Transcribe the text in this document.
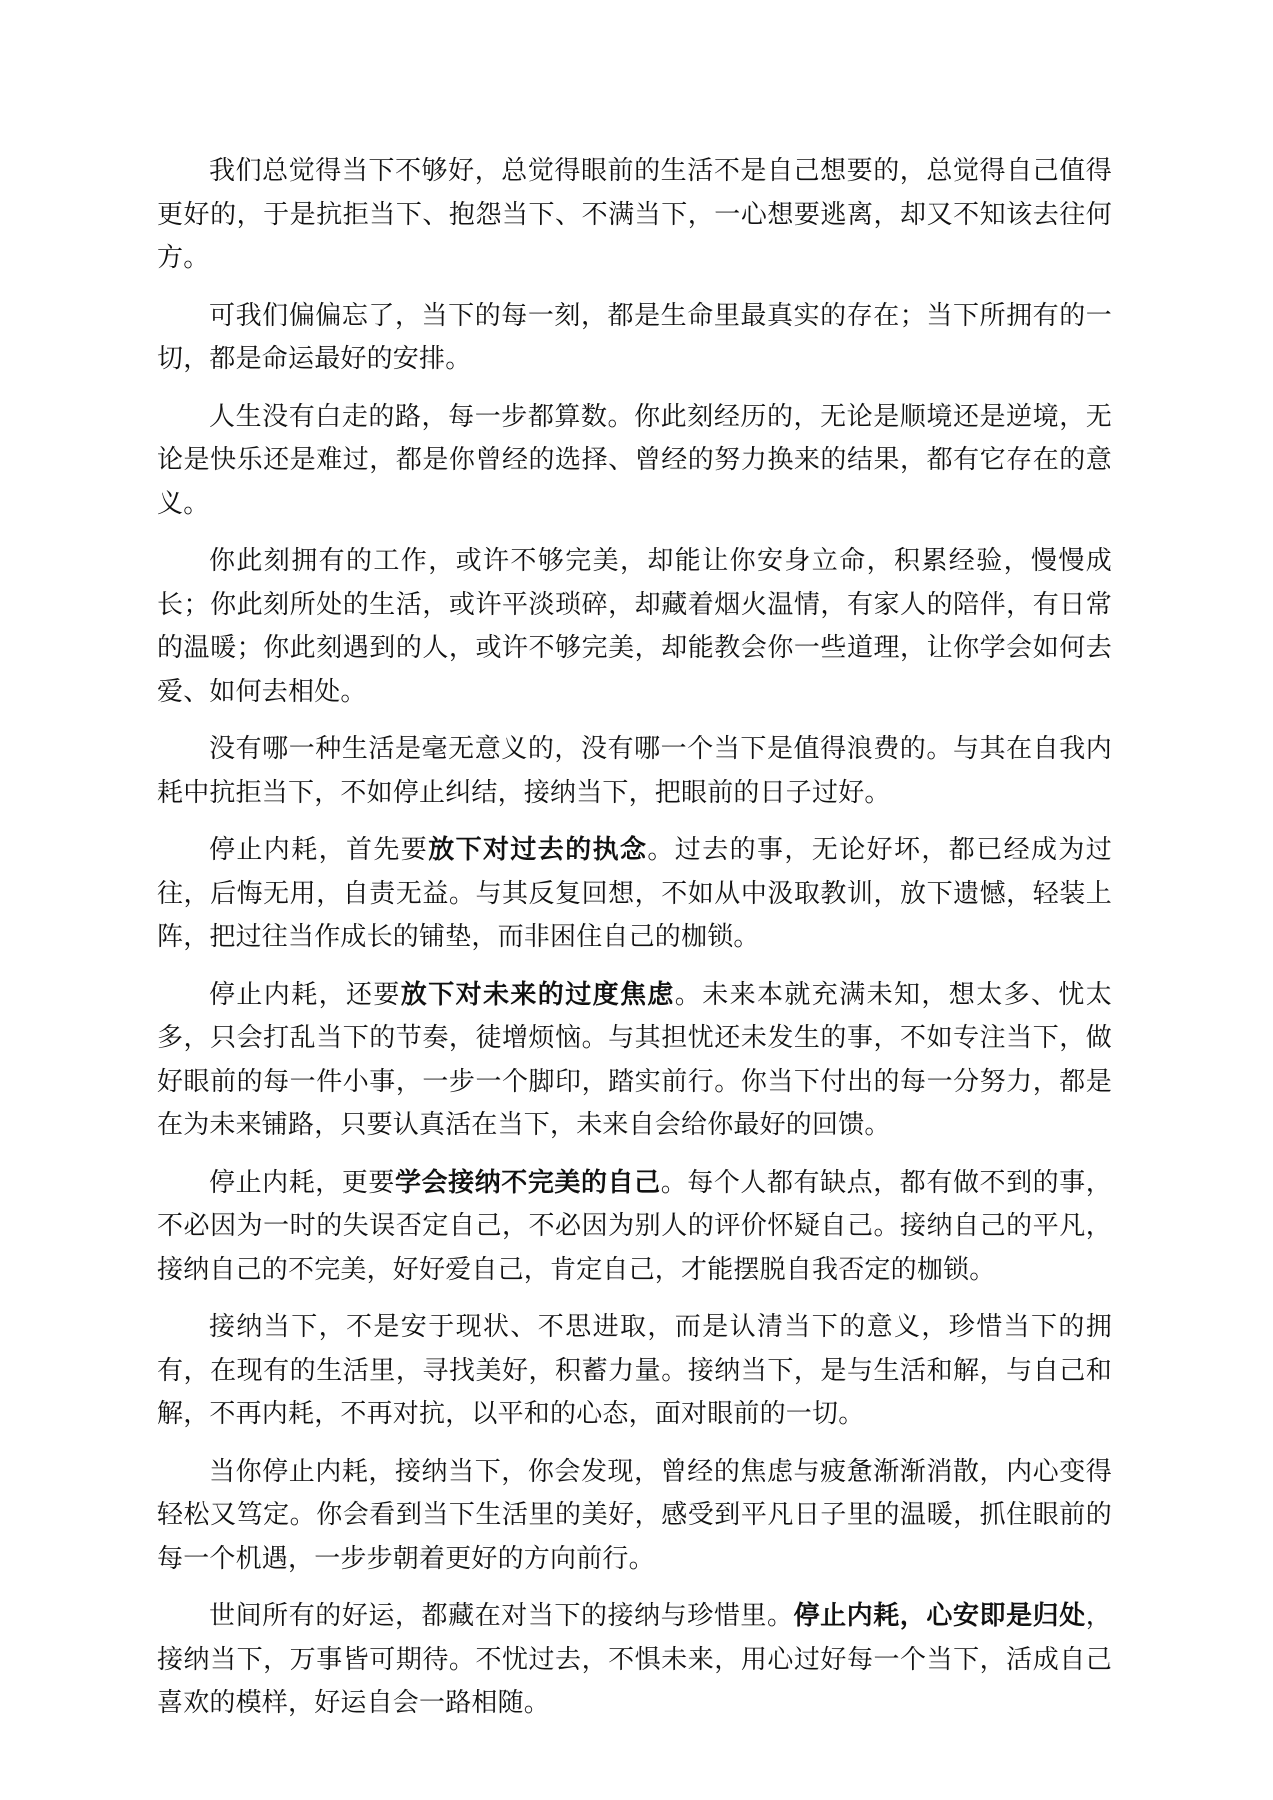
我们总觉得当下不够好，总觉得眼前的生活不是自己想要的，总觉得自己值得更好的，于是抗拒当下、抱怨当下、不满当下，一心想要逃离，却又不知该去往何方。

可我们偏偏忘了，当下的每一刻，都是生命里最真实的存在；当下所拥有的一切，都是命运最好的安排。

人生没有白走的路，每一步都算数。你此刻经历的，无论是顺境还是逆境，无论是快乐还是难过，都是你曾经的选择、曾经的努力换来的结果，都有它存在的意义。

你此刻拥有的工作，或许不够完美，却能让你安身立命，积累经验，慢慢成长；你此刻所处的生活，或许平淡琐碎，却藏着烟火温情，有家人的陪伴，有日常的温暖；你此刻遇到的人，或许不够完美，却能教会你一些道理，让你学会如何去爱、如何去相处。

没有哪一种生活是毫无意义的，没有哪一个当下是值得浪费的。与其在自我内耗中抗拒当下，不如停止纠结，接纳当下，把眼前的日子过好。

停止内耗，首先要放下对过去的执念。过去的事，无论好坏，都已经成为过往，后悔无用，自责无益。与其反复回想，不如从中汲取教训，放下遗憾，轻装上阵，把过往当作成长的铺垫，而非困住自己的枷锁。

停止内耗，还要放下对未来的过度焦虑。未来本就充满未知，想太多、忧太多，只会打乱当下的节奏，徒增烦恼。与其担忧还未发生的事，不如专注当下，做好眼前的每一件小事，一步一个脚印，踏实前行。你当下付出的每一分努力，都是在为未来铺路，只要认真活在当下，未来自会给你最好的回馈。

停止内耗，更要学会接纳不完美的自己。每个人都有缺点，都有做不到的事，不必因为一时的失误否定自己，不必因为别人的评价怀疑自己。接纳自己的平凡，接纳自己的不完美，好好爱自己，肯定自己，才能摆脱自我否定的枷锁。

接纳当下，不是安于现状、不思进取，而是认清当下的意义，珍惜当下的拥有，在现有的生活里，寻找美好，积蓄力量。接纳当下，是与生活和解，与自己和解，不再内耗，不再对抗，以平和的心态，面对眼前的一切。

当你停止内耗，接纳当下，你会发现，曾经的焦虑与疲惫渐渐消散，内心变得轻松又笃定。你会看到当下生活里的美好，感受到平凡日子里的温暖，抓住眼前的每一个机遇，一步步朝着更好的方向前行。

世间所有的好运，都藏在对当下的接纳与珍惜里。停止内耗，心安即是归处，接纳当下，万事皆可期待。不忧过去，不惧未来，用心过好每一个当下，活成自己喜欢的模样，好运自会一路相随。
